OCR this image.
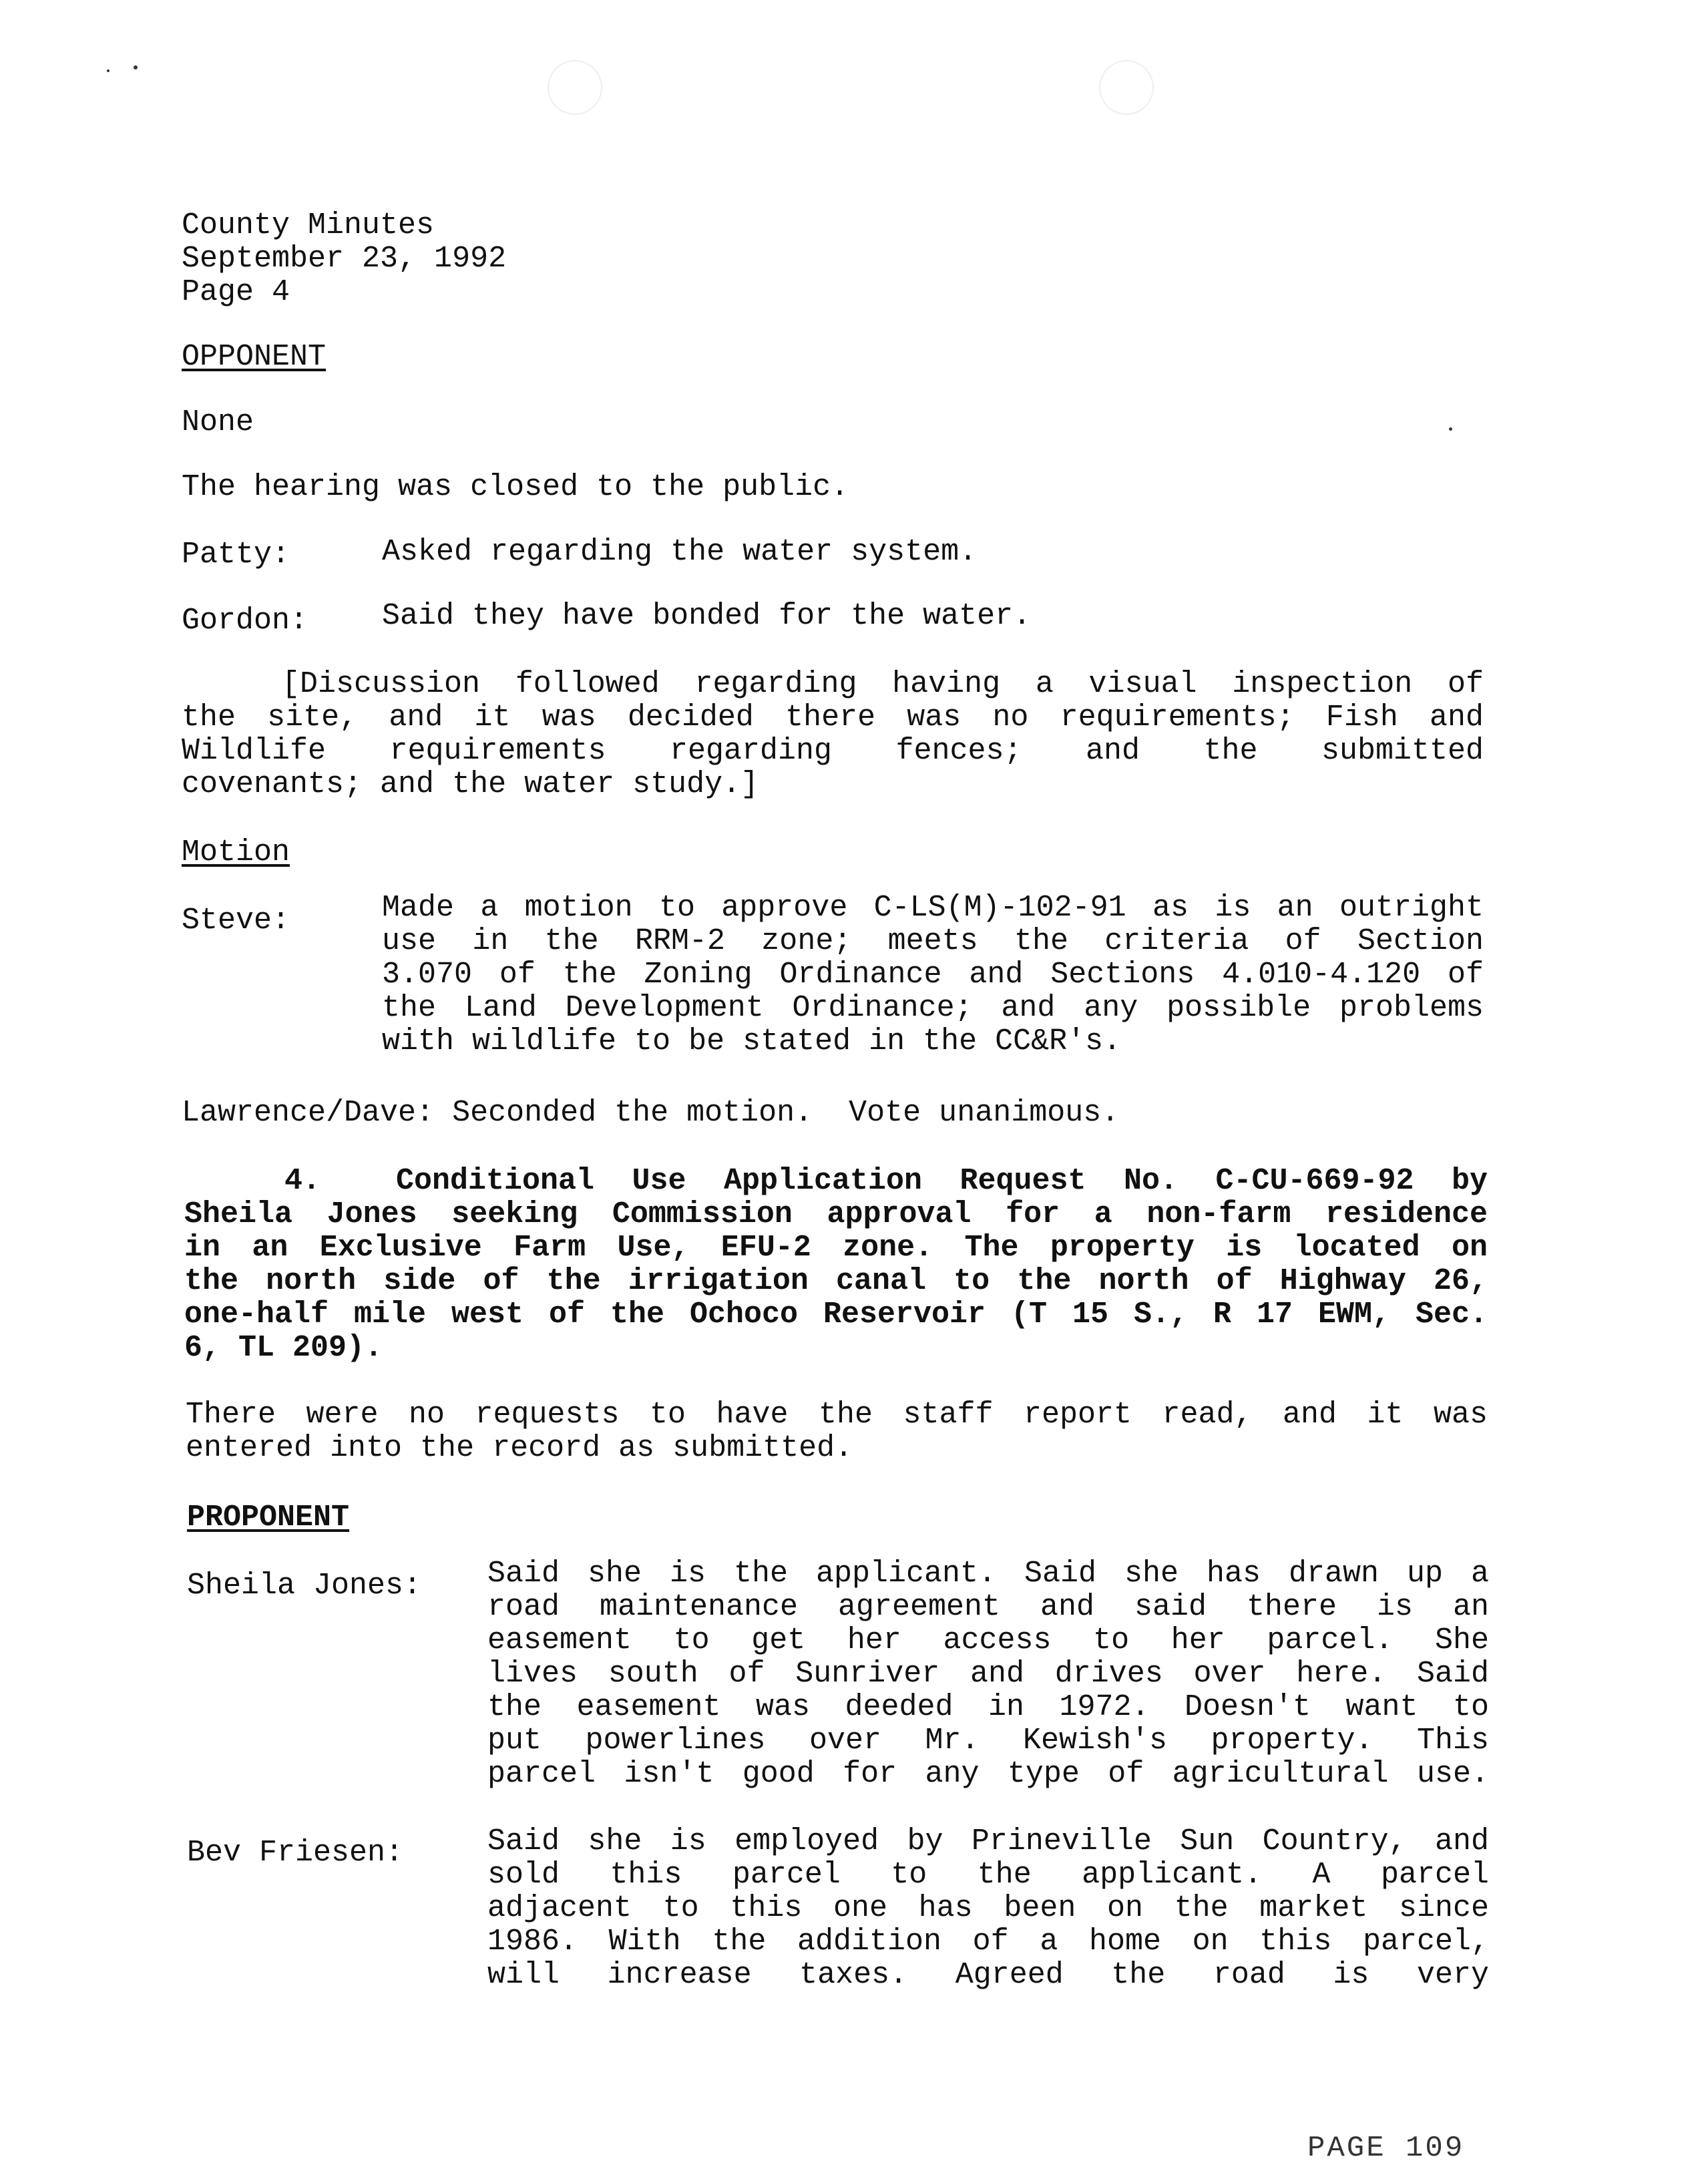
County Minutes
September 23, 1992
Page 4
OPPONENT
None
The hearing was closed to the public.
Patty:	Asked regarding the water system.
Gordon: Said they have bonded for the water.
[Discussion followed regarding having a visual inspection of
the site, and it was decided there was no requirements; Fish and
Wildlife requirements regarding fences; and the submitted
covenants; and the water study.]
Motion
Steve:	Made a motion to approve C-LS(M)-102-91 as is an outright
use in the RRM-2 zone; meets the criteria of Section
3.070 of the Zoning Ordinance and Sections 4.010-4.120 of
the Land Development Ordinance; and any possible problems
with wildlife to be stated in the CC&R's.
Lawrence/Dave: Seconded the motion.  Vote unanimous.
4.  Conditional Use Application Request No. C-CU-669-92 by
Sheila Jones seeking Commission approval for a non-farm residence
in an Exclusive Farm Use, EFU-2 zone. The property is located on
the north side of the irrigation canal to the north of Highway 26,
one-half mile west of the Ochoco Reservoir (T 15 S., R 17 EWM, Sec.
6, TL 209).
There were no requests to have the staff report read, and it was
entered into the record as submitted.
PROPONENT
Sheila Jones: Said she is the applicant. Said she has drawn up a
road maintenance agreement and said there is an
easement to get her access to her parcel. She
lives south of Sunriver and drives over here. Said
the easement was deeded in 1972. Doesn't want to
put powerlines over Mr. Kewish's property. This
parcel isn't good for any type of agricultural use.
Bev Friesen:	Said she is employed by Prineville Sun Country, and
sold this parcel to the applicant. A parcel
adjacent to this one has been on the market since
1986. With the addition of a home on this parcel,
will increase taxes. Agreed the road is very
PAGE 109
